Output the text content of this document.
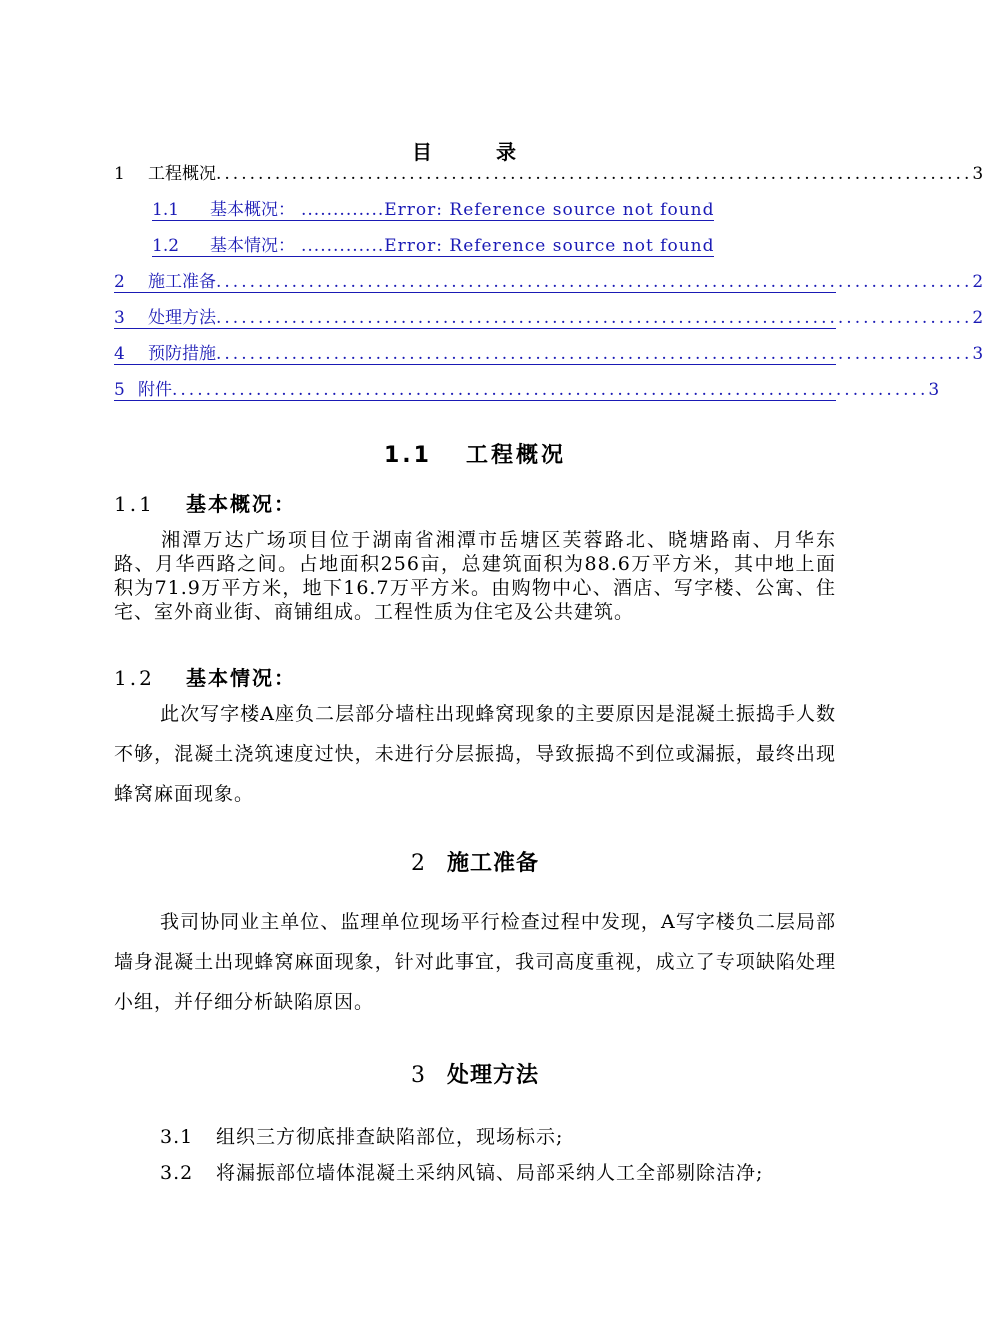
目　录
1	工程概况 .......................................................................................... 3
1.1	基本概况： ............. Error: Reference source not found
1.2	基本情况： ............. Error: Reference source not found
2	施工准备 .......................................................................................... 2
3	处理方法 .......................................................................................... 2
4	预防措施 .......................................................................................... 3
5 附件 .......................................................................................... 3
1.1 工程概况
1.1 基本概况：
湘潭万达广场项目位于湖南省湘潭市岳塘区芙蓉路北、晓塘路南、月华东路、月华西路之间。占地面积256亩，总建筑面积为88.6万平方米，其中地上面积为71.9万平方米，地下16.7万平方米。由购物中心、酒店、写字楼、公寓、住宅、室外商业街、商铺组成。工程性质为住宅及公共建筑。
1.2 基本情况：
此次写字楼A座负二层部分墙柱出现蜂窝现象的主要原因是混凝土振捣手人数不够，混凝土浇筑速度过快，未进行分层振捣，导致振捣不到位或漏振，最终出现蜂窝麻面现象。
2 施工准备
我司协同业主单位、监理单位现场平行检查过程中发现，A写字楼负二层局部墙身混凝土出现蜂窝麻面现象，针对此事宜，我司高度重视，成立了专项缺陷处理小组，并仔细分析缺陷原因。
3 处理方法
3.1 组织三方彻底排查缺陷部位，现场标示;
3.2 将漏振部位墙体混凝土采纳风镐、局部采纳人工全部剔除洁净;
